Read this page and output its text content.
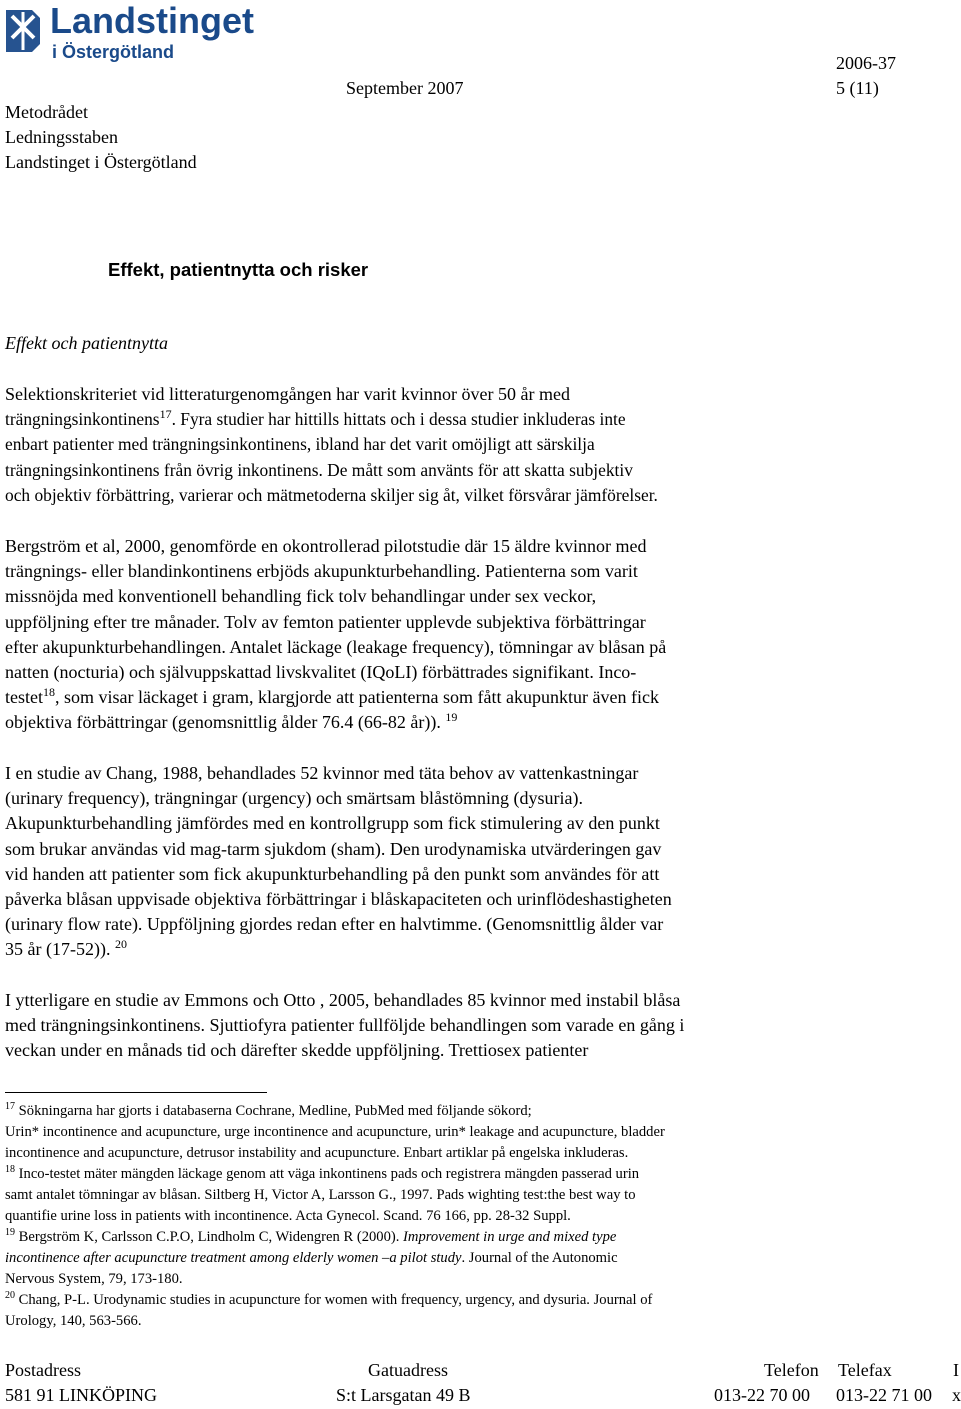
Landstinget
i Östergötland
September 2007
2006-37
5 (11)
Metodrådet
Ledningsstaben
Landstinget i Östergötland
Effekt, patientnytta och risker
Effekt och patientnytta
Selektionskriteriet vid litteraturgenomgången har varit kvinnor över 50 år med
trängningsinkontinens$^{17}$. Fyra studier har hittills hittats och i dessa studier inkluderas inte
enbart patienter med trängningsinkontinens, ibland har det varit omöjligt att särskilja
trängningsinkontinens från övrig inkontinens. De mått som använts för att skatta subjektiv
och objektiv förbättring, varierar och mätmetoderna skiljer sig åt, vilket försvårar jämförelser.
Bergström et al, 2000, genomförde en okontrollerad pilotstudie där 15 äldre kvinnor med
trängnings- eller blandinkontinens erbjöds akupunkturbehandling. Patienterna som varit
missnöjda med konventionell behandling fick tolv behandlingar under sex veckor,
uppföljning efter tre månader. Tolv av femton patienter upplevde subjektiva förbättringar
efter akupunkturbehandlingen. Antalet läckage (leakage frequency), tömningar av blåsan på
natten (nocturia) och självuppskattad livskvalitet (IQoLI) förbättrades signifikant. Inco-
testet$^{18}$, som visar läckaget i gram, klargjorde att patienterna som fått akupunktur även fick
objektiva förbättringar (genomsnittlig ålder 76.4 (66-82 år)). $^{19}$
I en studie av Chang, 1988, behandlades 52 kvinnor med täta behov av vattenkastningar
(urinary frequency), trängningar (urgency) och smärtsam blåstömning (dysuria).
Akupunkturbehandling jämfördes med en kontrollgrupp som fick stimulering av den punkt
som brukar användas vid mag-tarm sjukdom (sham). Den urodynamiska utvärderingen gav
vid handen att patienter som fick akupunkturbehandling på den punkt som användes för att
påverka blåsan uppvisade objektiva förbättringar i blåskapaciteten och urinflödeshastigheten
(urinary flow rate). Uppföljning gjordes redan efter en halvtimme. (Genomsnittlig ålder var
35 år (17-52)). $^{20}$
I ytterligare en studie av Emmons och Otto , 2005, behandlades 85 kvinnor med instabil blåsa
med trängningsinkontinens. Sjuttiofyra patienter fullföljde behandlingen som varade en gång i
veckan under en månads tid och därefter skedde uppföljning. Trettiosex patienter
$^{17}$ Sökningarna har gjorts i databaserna Cochrane, Medline, PubMed med följande sökord;
Urin* incontinence and acupuncture, urge incontinence and acupuncture, urin* leakage and acupuncture, bladder
incontinence and acupuncture, detrusor instability and acupuncture. Enbart artiklar på engelska inkluderas.
$^{18}$ Inco-testet mäter mängden läckage genom att väga inkontinens pads och registrera mängden passerad urin
samt antalet tömningar av blåsan. Siltberg H, Victor A, Larsson G., 1997. Pads wighting test:the best way to
quantifie urine loss in patients with incontinence. Acta Gynecol. Scand. 76 166, pp. 28-32 Suppl.
$^{19}$ Bergström K, Carlsson C.P.O, Lindholm C, Widengren R (2000). Improvement in urge and mixed type
incontinence after acupuncture treatment among elderly women –a pilot study. Journal of the Autonomic
Nervous System, 79, 173-180.
$^{20}$ Chang, P-L. Urodynamic studies in acupuncture for women with frequency, urgency, and dysuria. Journal of
Urology, 140, 563-566.
Postadress
581 91 LINKÖPING
Gatuadress
S:t Larsgatan 49 B
Telefon Telefax
013-22 70 00 013-22 71 00
I
x
